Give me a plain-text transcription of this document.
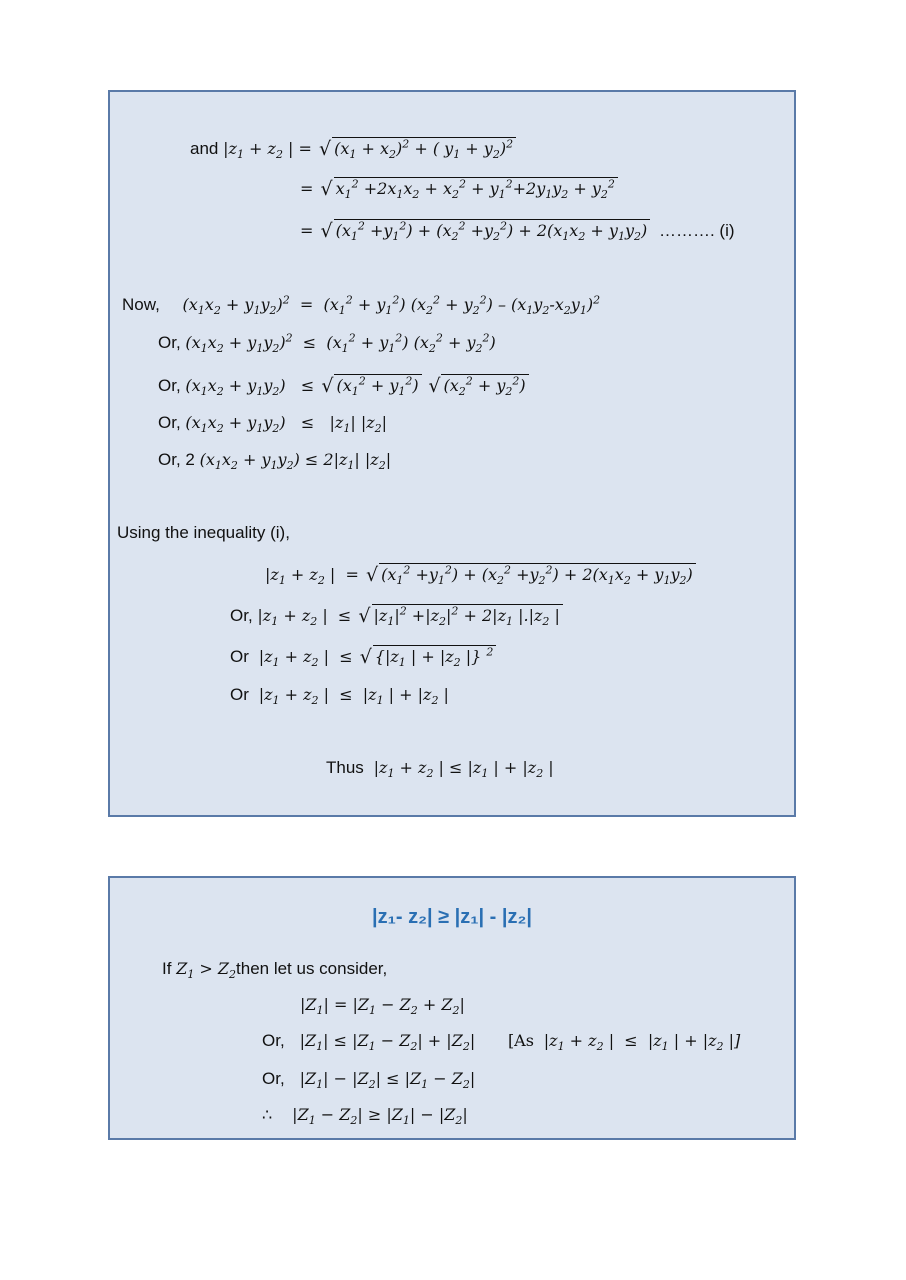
and $|z_1 + z_2$ | = √ $(x_1 + x_2)^2$ + ( $y_1 + y_2)^2$
= √ $x_1^2 +2x_1x_2 + x_2^2 + y_1^2+2y_1y_2 + y_2^2$
= √ $(x_1^2 +y_1^2) + (x_2^2 +y_2^2) + 2(x_1x_2 + y_1y_2)$ ………. (i)
Now, $(x_1x_2 + y_1y_2)^2 = (x_1^2 + y_1^2) (x_2^2 + y_2^2) - (x_1y_2-x_2y_1)^2$
Or, $(x_1x_2 + y_1y_2)^2 \le (x_1^2 + y_1^2) (x_2^2 + y_2^2)$
Or, $(x_1x_2 + y_1y_2)$   ≤ √ $(x_1^2 + y_1^2)$ √ $(x_2^2 + y_2^2)$
Or, $(x_1x_2 + y_1y_2) \le |z_1|$ $|z_2|$
Or, 2 $(x_1x_2 + y_1y_2) \le 2|z_1|$ $|z_2|$
Using the inequality (i),
$|z_1 + z_2$ |  = √ $(x_1^2 +y_1^2) + (x_2^2 +y_2^2) + 2(x_1x_2 + y_1y_2)$
Or, $|z_1 + z_2$ |  ≤ √ $|z_1|^2 +|z_2|^2 + 2|z_1$ $|.|z_2$ |
Or  $|z_1 + z_2$ |  ≤ √ {$|z_1$ | + $|z_2$ |} $^2$
Or  $|z_1 + z_2$ |  ≤  $|z_1$ | + $|z_2$ |
Thus  $|z_1 + z_2$ | ≤ $|z_1$ | + $|z_2$ |
|z₁- z₂| ≥ |z₁| - |z₂|
If $Z_1$ > $Z_2then$ let us consider,
$|Z_1| = |Z_1 - Z_2 + Z_2|$
Or,   $|Z_1| \le |Z_1 - Z_2| + |Z_2|$ [As  $|z_1 + z_2$ |  ≤  $|z_1$ | + $|z_2$ |]
Or,   $|Z_1| - |Z_2| \le |Z_1 - Z_2|$
∴    $|Z_1 - Z_2| \ge |Z_1| - |Z_2|$
